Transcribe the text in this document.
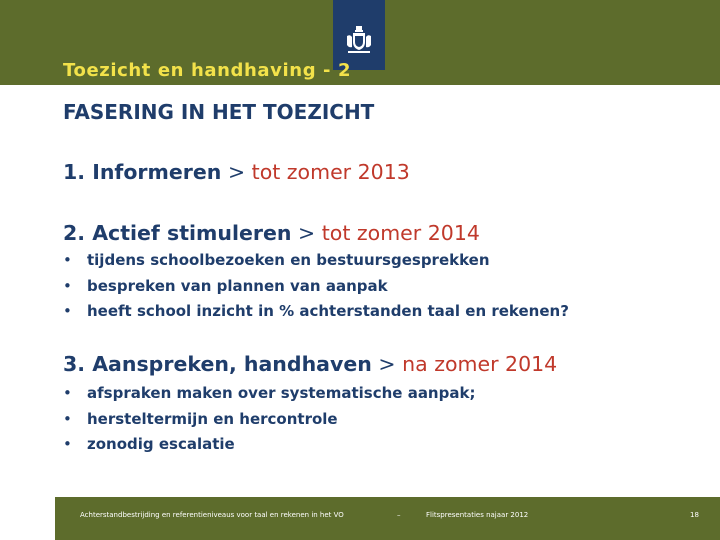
Toezicht en handhaving - 2
FASERING IN HET TOEZICHT
1. Informeren > tot zomer 2013
2. Actief stimuleren > tot zomer 2014
• tijdens schoolbezoeken en bestuursgesprekken
• bespreken van plannen van aanpak
• heeft school inzicht in % achterstanden taal en rekenen?
3. Aanspreken, handhaven > na zomer 2014
• afspraken maken over systematische aanpak;
• hersteltermijn en hercontrole
• zonodig escalatie
Achterstandbestrijding en referentieniveaus voor taal en rekenen in het VO	–	Flitspresentaties najaar 2012	18
